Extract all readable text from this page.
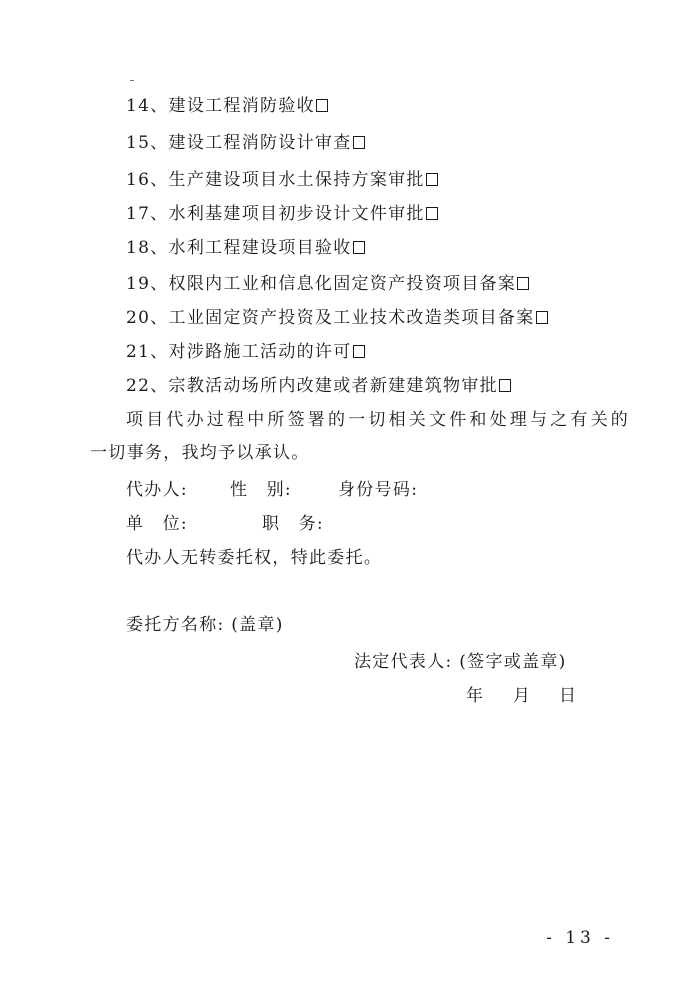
14、建设工程消防验收
15、建设工程消防设计审查
16、生产建设项目水土保持方案审批
17、水利基建项目初步设计文件审批
18、水利工程建设项目验收
19、权限内工业和信息化固定资产投资项目备案
20、工业固定资产投资及工业技术改造类项目备案
21、对涉路施工活动的许可
22、宗教活动场所内改建或者新建建筑物审批
项目代办过程中所签署的一切相关文件和处理与之有关的
一切事务，我均予以承认。
代办人: 性　别:	身份号码:
单　位:	职　务:
代办人无转委托权，特此委托。
委托方名称: (盖章)
法定代表人: (签字或盖章)
年 月 日
- 13 -
